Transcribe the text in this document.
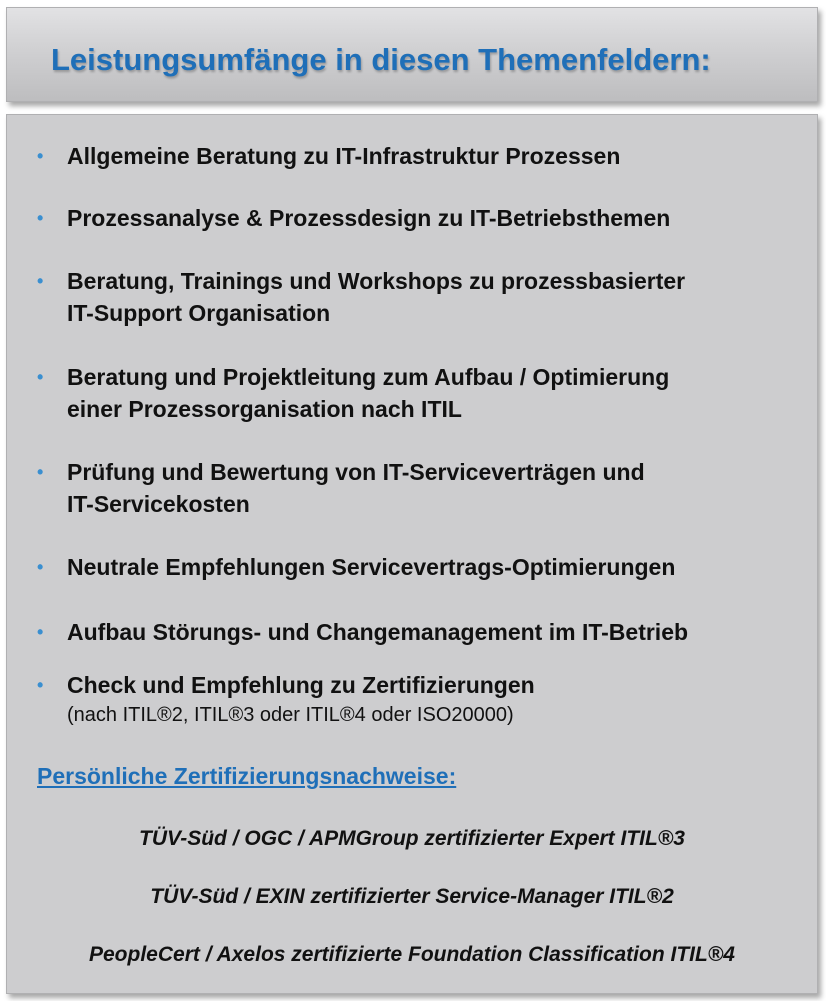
Leistungsumfänge in diesen Themenfeldern:
• Allgemeine Beratung zu IT-Infrastruktur Prozessen
• Prozessanalyse & Prozessdesign zu IT-Betriebsthemen
• Beratung, Trainings und Workshops zu prozessbasierter
IT-Support Organisation
• Beratung und Projektleitung zum Aufbau / Optimierung
einer Prozessorganisation nach ITIL
• Prüfung und Bewertung von IT-Serviceverträgen und
IT-Servicekosten
• Neutrale Empfehlungen Servicevertrags-Optimierungen
• Aufbau Störungs- und Changemanagement im IT-Betrieb
• Check und Empfehlung zu Zertifizierungen
(nach ITIL®2, ITIL®3 oder ITIL®4 oder ISO20000)
Persönliche Zertifizierungsnachweise:
TÜV-Süd / OGC / APMGroup zertifizierter Expert ITIL®3
TÜV-Süd / EXIN zertifizierter Service-Manager ITIL®2
PeopleCert / Axelos zertifizierte Foundation Classification ITIL®4
